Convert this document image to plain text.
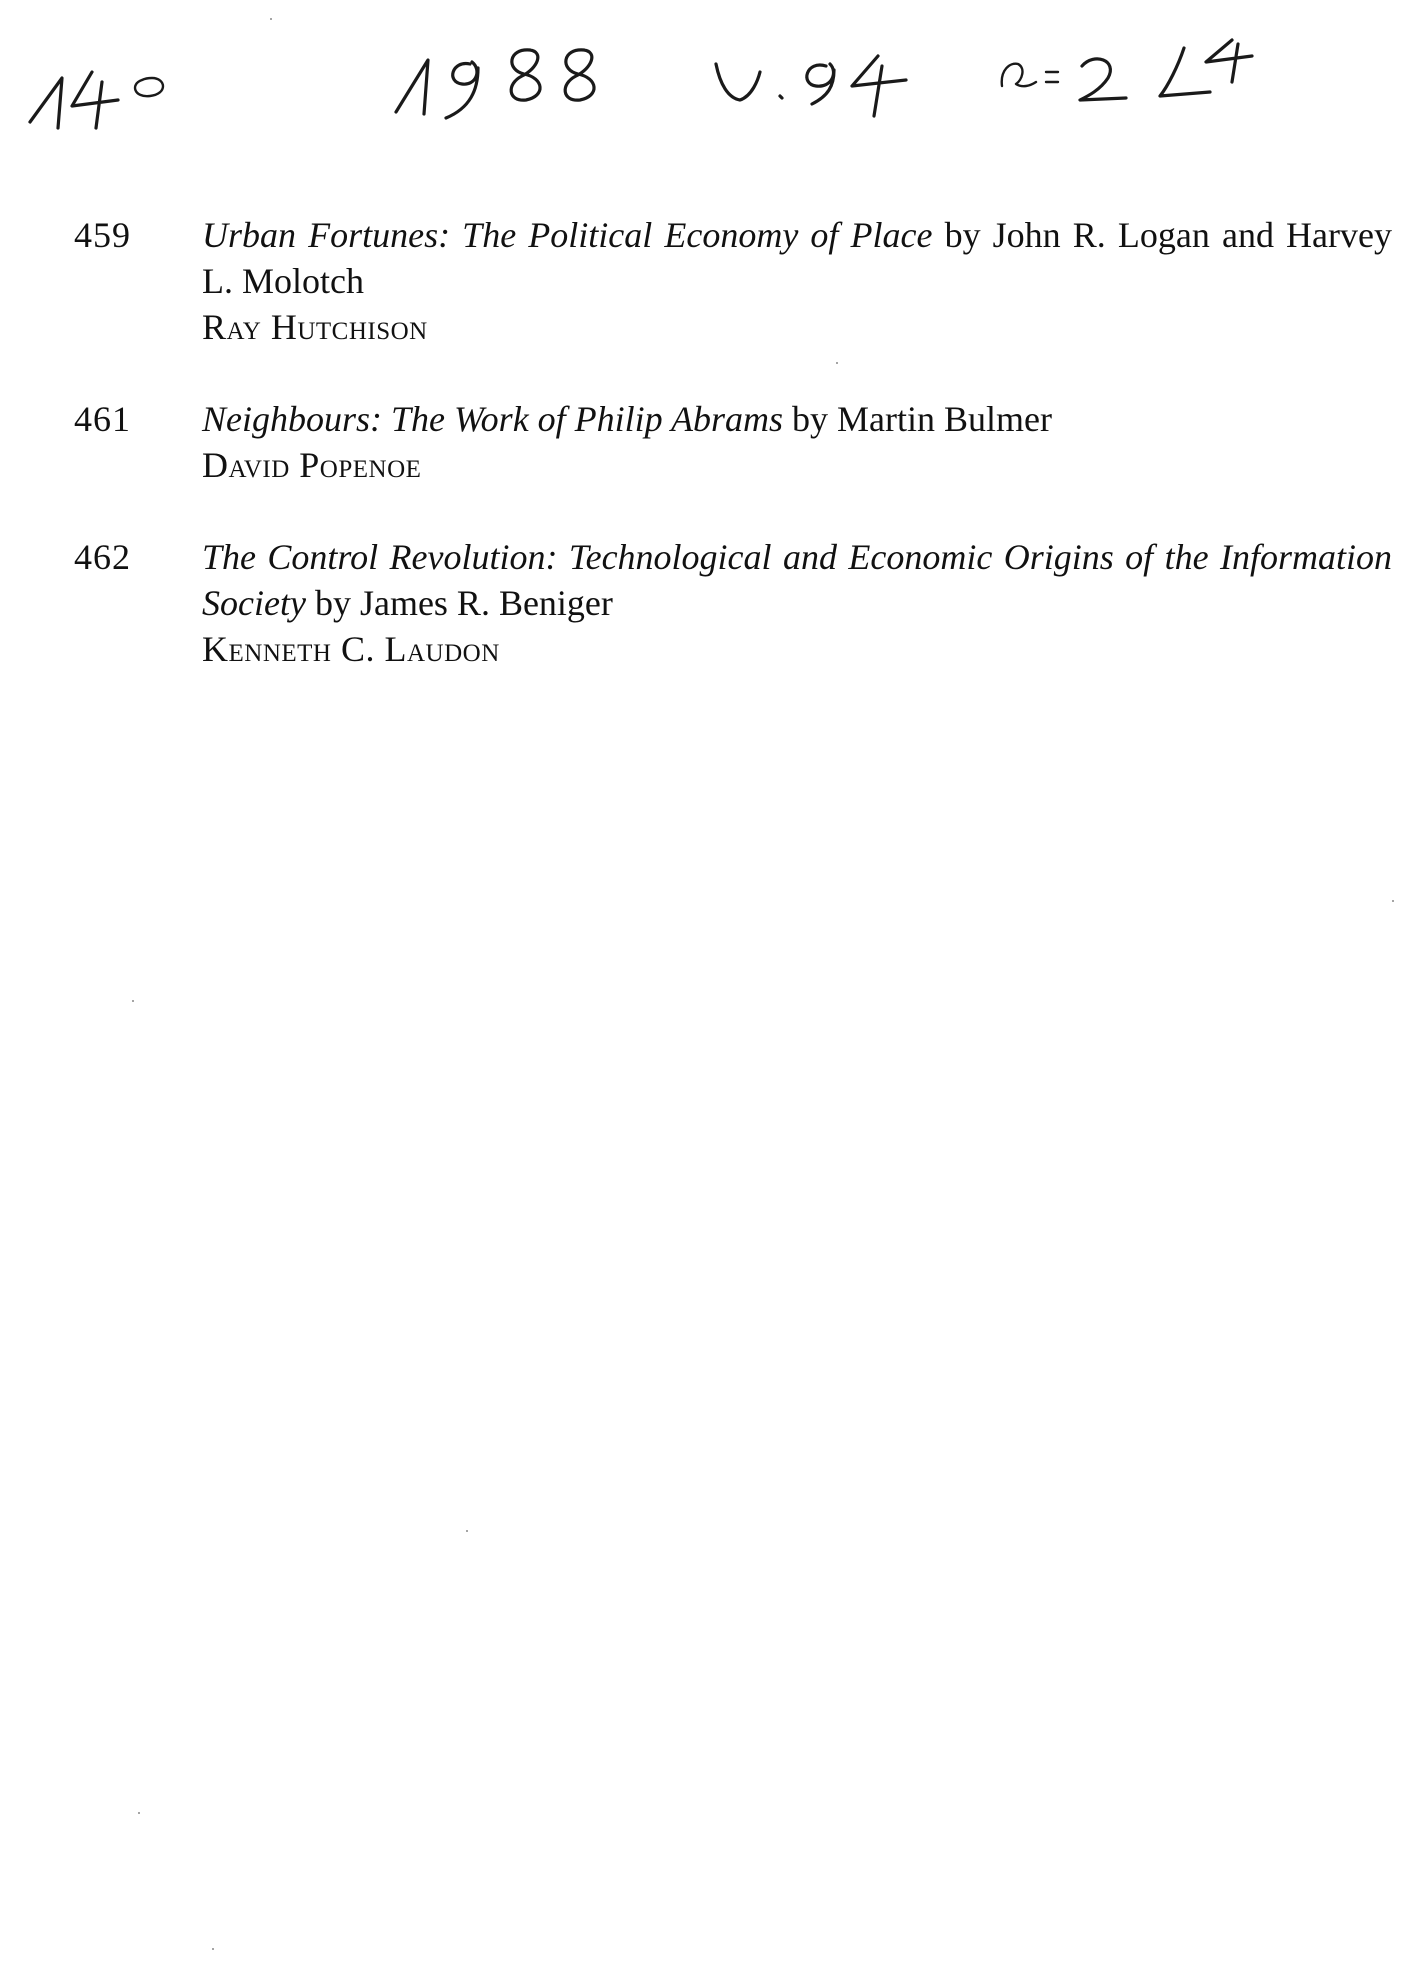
459	Urban Fortunes: The Political Economy of Place by John R. Logan and Harvey L. Molotch
Ray Hutchison
461	Neighbours: The Work of Philip Abrams by Martin Bulmer
David Popenoe
462	The Control Revolution: Technological and Economic Origins of the Information Society by James R. Beniger
Kenneth C. Laudon
